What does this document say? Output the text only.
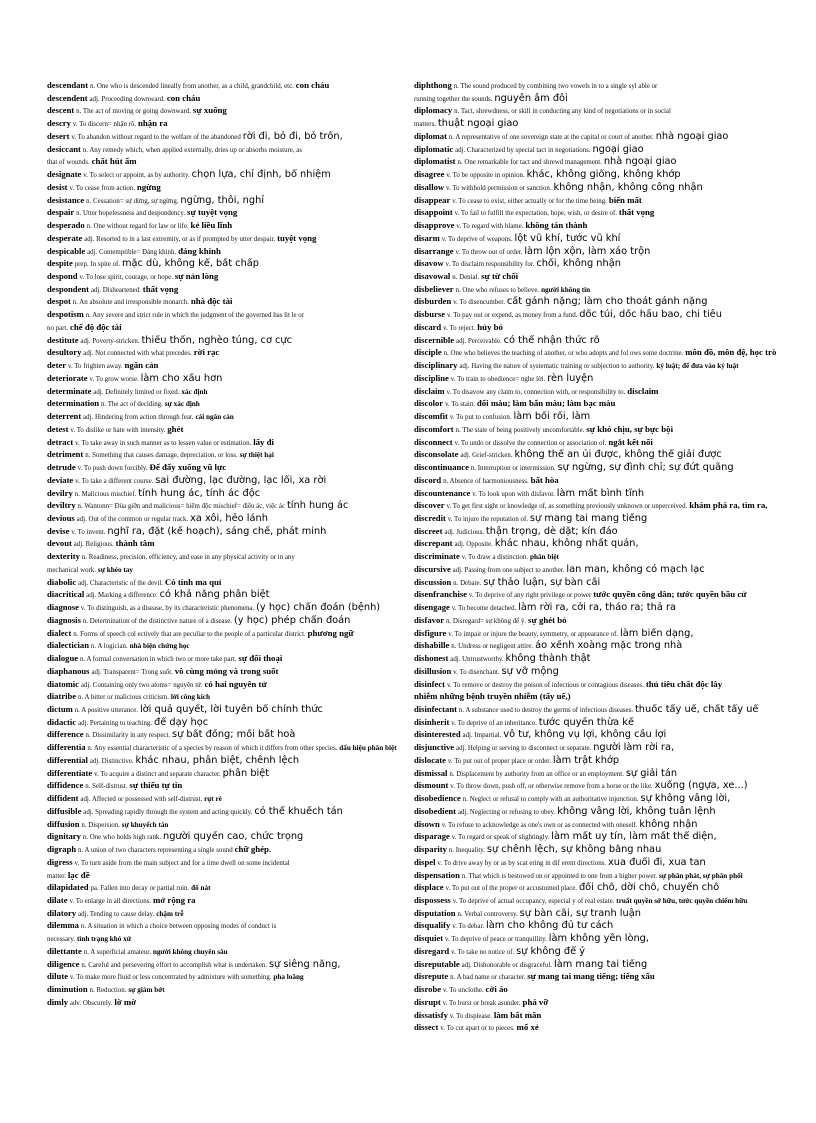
descendant n. One who is descended lineally from another, as a child, grandchild, etc. con cháu
descendent adj. Proceeding downward. con cháu
descent n. The act of moving or going downward. sự xuống
descry v. To discern= nhận rõ. nhận ra
desert v. To abandon without regard to the welfare of the abandoned rời đi, bỏ đi, bỏ trốn,
desiccant n. Any remedy which, when applied externally, dries up or absorbs moisture, as
that of wounds. chất hút ẩm
designate v. To select or appoint, as by authority. chọn lựa, chỉ định, bổ nhiệm
desist v. To cease from action. ngừng
desistance n. Cessation= sự dừng, sự ngừng. ngừng, thôi, nghỉ
despair n. Utter hopelessness and despondency. sự tuyệt vọng
desperado n. One without regard for law or life. kẻ liều lĩnh
desperate adj. Resorted to in a last extremity, or as if prompted by utter despair. tuyệt vọng
despicable adj. Contemptible= Đáng khinh. đáng khinh
despite prep. In spite of. mặc dù, không kể, bất chấp
despond v. To lose spirit, courage, or hope. sự nản lòng
despondent adj. Disheartened. thất vọng
despot n. An absolute and irresponsible monarch. nhà độc tài
despotism n. Any severe and strict rule in which the judgment of the governed has lit le or
no part. chế độ độc tài
destitute adj. Poverty-stricken. thiếu thốn, nghèo túng, cơ cực
desultory adj. Not connected with what precedes. rời rạc
deter v. To frighten away. ngăn cản
deteriorate v. To grow worse. làm cho xấu hơn
determinate adj. Definitely limited or fixed. xác định
determination n. The act of deciding. sự xác định
deterrent adj. Hindering from action through fear. cái ngăn cản
detest v. To dislike or hate with intensity. ghét
detract v. To take away in such manner as to lessen value or estimation. lấy đi
detriment n. Something that causes damage, depreciation, or loss. sự thiệt hại
detrude v. To push down forcibly. Để đẩy xuống vũ lực
deviate v. To take a different course. sai đường, lạc đường, lạc lối, xa rời
devilry n. Malicious mischief. tính hung ác, tính ác độc
deviltry n. Wantonn= Đùa giỡn and malicious= hiểm độc mischief= điều ác, việc ác tính hung ác
devious adj. Out of the common or regular track. xa xôi, hẻo lánh
devise v. To invent. nghĩ ra, đặt (kế hoạch), sáng chế, phát minh
devout adj. Religious. thành tâm
dexterity n. Readiness, precision, efficiency, and ease in any physical activity or in any
mechanical work. sự khéo tay
diabolic adj. Characteristic of the devil. Có tính ma quỉ
diacritical adj. Marking a difference. có khả năng phân biệt
diagnose v. To distinguish, as a disease, by its characteristic phenomena. (y học) chẩn đoán (bệnh)
diagnosis n. Determination of the distinctive nature of a disease. (y học) phép chẩn đoán
dialect n. Forms of speech col ectively that are peculiar to the people of a particular district. phương ngữ
dialectician n. A logician. nhà biện chứng học
dialogue n. A formal conversation in which two or more take part. sự đối thoại
diaphanous adj. Transparent= Trong suốt. vô cùng mỏng và trong suốt
diatomic adj. Containing only two atoms= nguyên tử. có hai nguyên tử
diatribe n. A bitter or malicious criticism. lời công kích
dictum n. A positive utterance. lời quả quyết, lời tuyên bố chính thức
didactic adj. Pertaining to teaching. để dạy học
difference n. Dissimilarity in any respect. sự bất đồng; mối bất hoà
differentia n. Any essential characteristic of a species by reason of which it differs from other species. dấu hiệu phân biệt
differential adj. Distinctive. khác nhau, phân biệt, chênh lệch
differentiate v. To acquire a distinct and separate character. phân biệt
diffidence n. Self-distrust. sự thiếu tự tin
diffident adj. Affected or possessed with self-distrust. rụt rè
diffusible adj. Spreading rapidly through the system and acting quickly. có thể khuếch tán
diffusion n. Dispersion. sự khuyếch tán
dignitary n. One who holds high rank. người quyền cao, chức trọng
digraph n. A union of two characters representing a single sound chữ ghép.
digress v. To turn aside from the main subject and for a time dwell on some incidental
matter. lạc đề
dilapidated pa. Fallen into decay or partial ruin. đổ nát
dilate v. To enlarge in all directions. mở rộng ra
dilatory adj. Tending to cause delay. chậm trễ
dilemma n. A situation in which a choice between opposing modes of conduct is
necessary. tình trạng khó xử
dilettante n. A superficial amateur. người không chuyên sâu
diligence n. Careful and persevering effort to accomplish what is undertaken. sự siêng năng,
dilute v. To make more fluid or less concentrated by admixture with something. pha loãng
diminution n. Reduction. sự giảm bớt
dimly adv. Obscurely. lờ mờ
diphthong n. The sound produced by combining two vowels in to a single syl able or
running together the sounds. nguyên âm đôi
diplomacy n. Tact, shrewdness, or skill in conducting any kind of negotiations or in social
matters. thuật ngoại giao
diplomat n. A representative of one sovereign state at the capital or court of another. nhà ngoại giao
diplomatic adj. Characterized by special tact in negotiations. ngoại giao
diplomatist n. One remarkable for tact and shrewd management. nhà ngoại giao
disagree v. To be opposite in opinion. khác, không giống, không khớp
disallow v. To withhold permission or sanction. không nhận, không công nhận
disappear v. To cease to exist, either actually or for the time being. biến mất
disappoint v. To fail to fulfill the expectation, hope, wish, or desire of. thất vọng
disapprove v. To regard with blame. không tán thành
disarm v. To deprive of weapons. lột vũ khí, tước vũ khí
disarrange v. To throw out of order. làm lộn xộn, làm xáo trộn
disavow v. To disclaim responsibility for. chối, không nhận
disavowal n. Denial. sự từ chối
disbeliever n. One who refuses to believe. người không tin
disburden v. To disencumber. cất gánh nặng; làm cho thoát gánh nặng
disburse v. To pay out or expend, as money from a fund. dốc túi, dốc hầu bao, chi tiêu
discard v. To reject. hủy bỏ
discernible adj. Perceivable. có thể nhận thức rõ
disciple n. One who believes the teaching of another, or who adopts and fol ows some doctrine. môn đồ, môn đệ, học trò
disciplinary adj. Having the nature of systematic training or subjection to authority. kỷ luật; để đưa vào kỷ luật
discipline v. To train to obedience= nghe lời. rèn luyện
disclaim v. To disavow any claim to, connection with, or responsibility to. disclaim
discolor v. To stain. đổi màu; làm bẩn màu; làm bạc màu
discomfit v. To put to confusion. làm bối rối, làm
discomfort n. The state of being positively uncomfortable. sự khó chịu, sự bực bội
disconnect v. To undo or dissolve the connection or association of. ngắt kết nối
disconsolate adj. Grief-stricken. không thể an ủi được, không thể giải được
discontinuance n. Interruption or intermission. sự ngừng, sự đình chỉ; sự đứt quãng
discord n. Absence of harmoniousness. bất hòa
discountenance v. To look upon with disfavor. làm mất bình tĩnh
discover v. To get first sight or knowledge of, as something previously unknown or unperceived. khám phá ra, tìm ra,
discredit v. To injure the reputation of. sự mang tai mang tiếng
discreet adj. Judicious. thận trọng, dè dặt; kín đáo
discrepant adj. Opposite. khác nhau, không nhất quán,
discriminate v. To draw a distinction. phân biệt
discursive adj. Passing from one subject to another. lan man, không có mạch lạc
discussion n. Debate. sự thảo luận, sự bàn cãi
disenfranchise v. To deprive of any right privilege or power tước quyền công dân; tước quyền bầu cử
disengage v. To become detached. làm rời ra, cởi ra, tháo ra; thả ra
disfavor n. Disregard= sự không để ý. sự ghét bỏ
disfigure v. To impair or injure the beauty, symmetry, or appearance of. làm biến dạng,
dishabille n. Undress or negligent attire. áo xềnh xoàng mặc trong nhà
dishonest adj. Untrustworthy. không thành thật
disillusion v. To disenchant. sự vỡ mộng
disinfect v. To remove or destroy the poison of infectious or contagious diseases. thủ tiêu chất độc lây
nhiễm những bệnh truyền nhiễm (tẩy uế,)
disinfectant n. A substance used to destroy the germs of infectious diseases. thuốc tẩy uế, chất tẩy uế
disinherit v. To deprive of an inheritance. tước quyền thừa kế
disinterested adj. Impartial. vô tư, không vụ lợi, không cầu lợi
disjunctive adj. Helping or serving to disconnect or separate. người làm rời ra,
dislocate v. To put out of proper place or order. làm trật khớp
dismissal n. Displacement by authority from an office or an employment. sự giải tán
dismount v. To throw down, push off, or otherwise remove from a horse or the like. xuống (ngựa, xe...)
disobedience n. Neglect or refusal to comply with an authoritative injunction. sự không vâng lời,
disobedient adj. Neglecting or refusing to obey. không vâng lời, không tuân lệnh
disown v. To refuse to acknowledge as one's own or as connected with oneself. không nhận
disparage v. To regard or speak of slightingly. làm mất uy tín, làm mất thể diện,
disparity n. Inequality. sự chênh lệch, sự không bằng nhau
dispel v. To drive away by or as by scat ering in dif erent directions. xua đuổi đi, xua tan
dispensation n. That which is bestowed on or appointed to one from a higher power. sự phân phát, sự phân phối
displace v. To put out of the proper or accustomed place. đổi chỗ, dời chỗ, chuyển chỗ
dispossess v. To deprive of actual occupancy, especial y of real estate. truất quyền sở hữu, tước quyền chiếm hữu
disputation n. Verbal controversy. sự bàn cãi, sự tranh luận
disqualify v. To debar. làm cho không đủ tư cách
disquiet v. To deprive of peace or tranquillity. làm không yên lòng,
disregard v. To take no notice of. sự không để ý
disreputable adj. Dishonorable or disgraceful. làm mang tai tiếng
disrepute n. A bad name or character. sự mang tai mang tiếng; tiếng xấu
disrobe v. To unclothe. cởi áo
disrupt v. To burst or break asunder. phá vỡ
dissatisfy v. To displease. làm bất mãn
dissect v. To cut apart or to pieces. mổ xẻ
